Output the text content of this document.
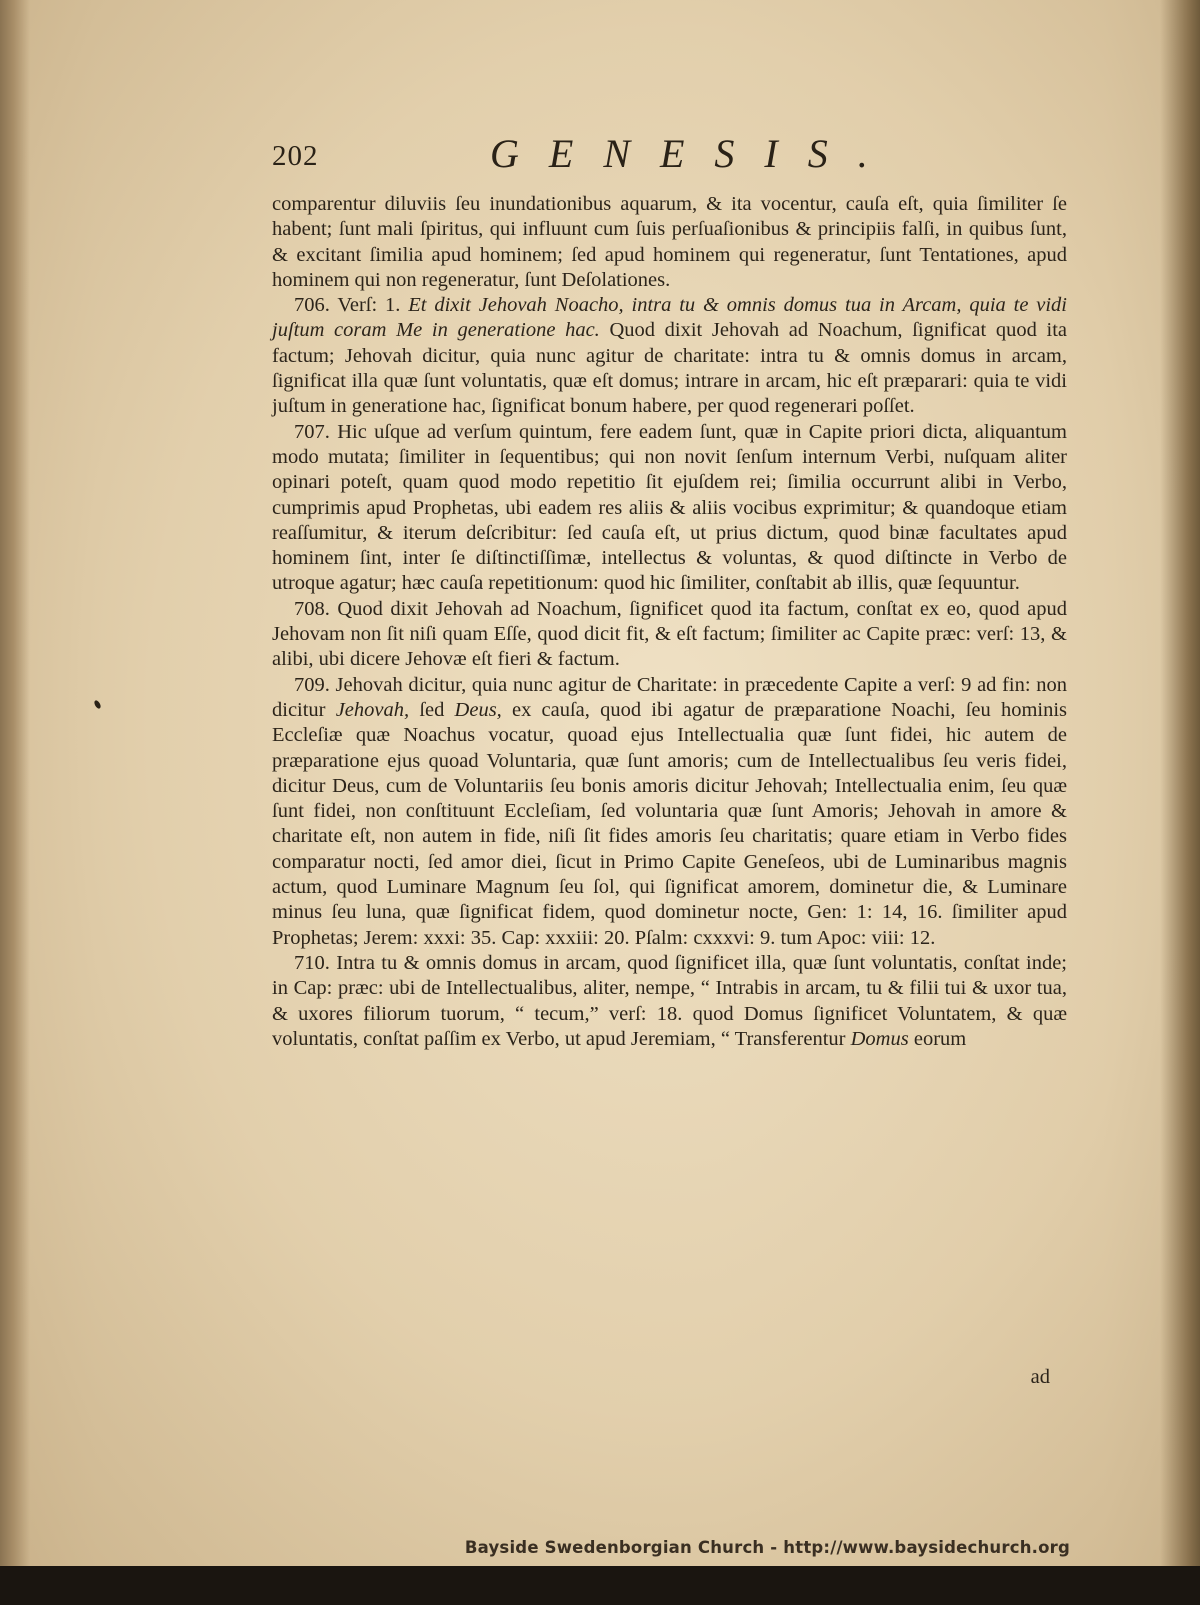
202	GENESIS.

comparentur diluviis ſeu inundationibus aquarum, & ita vocentur, cauſa eſt, quia ſimiliter ſe habent; ſunt mali ſpiritus, qui influunt cum ſuis perſuaſionibus & principiis falſi, in quibus ſunt, & excitant ſimilia apud hominem; ſed apud hominem qui regeneratur, ſunt Tentationes, apud hominem qui non regeneratur, ſunt Deſolationes.

706. Verſ: 1. Et dixit Jehovah Noacho, intra tu & omnis domus tua in Arcam, quia te vidi juſtum coram Me in generatione hac. Quod dixit Jehovah ad Noachum, ſignificat quod ita factum; Jehovah dicitur, quia nunc agitur de charitate: intra tu & omnis domus in arcam, ſignificat illa quæ ſunt voluntatis, quæ eſt domus; intrare in arcam, hic eſt præparari: quia te vidi juſtum in generatione hac, ſignificat bonum habere, per quod regenerari poſſet.

707. Hic uſque ad verſum quintum, fere eadem ſunt, quæ in Capite priori dicta, aliquantum modo mutata; ſimiliter in ſequentibus; qui non novit ſenſum internum Verbi, nuſquam aliter opinari poteſt, quam quod modo repetitio ſit ejuſdem rei; ſimilia occurrunt alibi in Verbo, cumprimis apud Prophetas, ubi eadem res aliis & aliis vocibus exprimitur; & quandoque etiam reaſſumitur, & iterum deſcribitur: ſed cauſa eſt, ut prius dictum, quod binæ facultates apud hominem ſint, inter ſe diſtinctiſſimæ, intellectus & voluntas, & quod diſtincte in Verbo de utroque agatur; hæc cauſa repetitionum: quod hic ſimiliter, conſtabit ab illis, quæ ſequuntur.

708. Quod dixit Jehovah ad Noachum, ſignificet quod ita factum, conſtat ex eo, quod apud Jehovam non ſit niſi quam Eſſe, quod dicit fit, & eſt factum; ſimiliter ac Capite præc: verſ: 13, & alibi, ubi dicere Jehovæ eſt fieri & factum.

709. Jehovah dicitur, quia nunc agitur de Charitate: in præcedente Capite a verſ: 9 ad fin: non dicitur Jehovah, ſed Deus, ex cauſa, quod ibi agatur de præparatione Noachi, ſeu hominis Eccleſiæ quæ Noachus vocatur, quoad ejus Intellectualia quæ ſunt fidei, hic autem de præparatione ejus quoad Voluntaria, quæ ſunt amoris; cum de Intellectualibus ſeu veris fidei, dicitur Deus, cum de Voluntariis ſeu bonis amoris dicitur Jehovah; Intellectualia enim, ſeu quæ ſunt fidei, non conſtituunt Eccleſiam, ſed voluntaria quæ ſunt Amoris; Jehovah in amore & charitate eſt, non autem in fide, niſi ſit fides amoris ſeu charitatis; quare etiam in Verbo fides comparatur nocti, ſed amor diei, ſicut in Primo Capite Geneſeos, ubi de Luminaribus magnis actum, quod Luminare Magnum ſeu ſol, qui ſignificat amorem, dominetur die, & Luminare minus ſeu luna, quæ ſignificat fidem, quod dominetur nocte, Gen: 1: 14, 16. ſimiliter apud Prophetas; Jerem: xxxi: 35. Cap: xxxiii: 20. Pſalm: cxxxvi: 9. tum Apoc: viii: 12.

710. Intra tu & omnis domus in arcam, quod ſignificet illa, quæ ſunt voluntatis, conſtat inde; in Cap: præc: ubi de Intellectualibus, aliter, nempe, “ Intrabis in arcam, tu & filii tui & uxor tua, & uxores filiorum tuorum, “ tecum,” verſ: 18. quod Domus ſignificet Voluntatem, & quæ voluntatis, conſtat paſſim ex Verbo, ut apud Jeremiam, “ Transferentur Domus eorum

ad
Bayside Swedenborgian Church - http://www.baysidechurch.org
